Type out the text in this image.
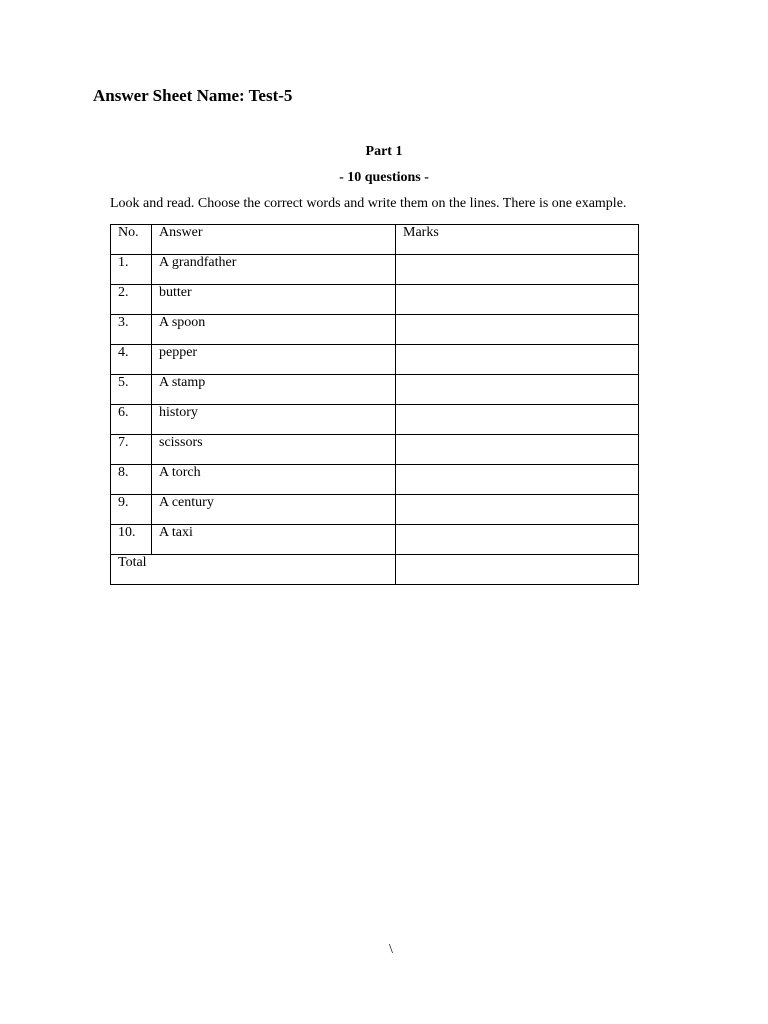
Answer Sheet Name: Test-5
Part 1
- 10 questions -
Look and read. Choose the correct words and write them on the lines. There is one example.
No.	Answer	Marks
1.	A grandfather	
2.	butter	
3.	A spoon	
4.	pepper	
5.	A stamp	
6.	history	
7.	scissors	
8.	A torch	
9.	A century	
10.	A taxi	
Total		
\
